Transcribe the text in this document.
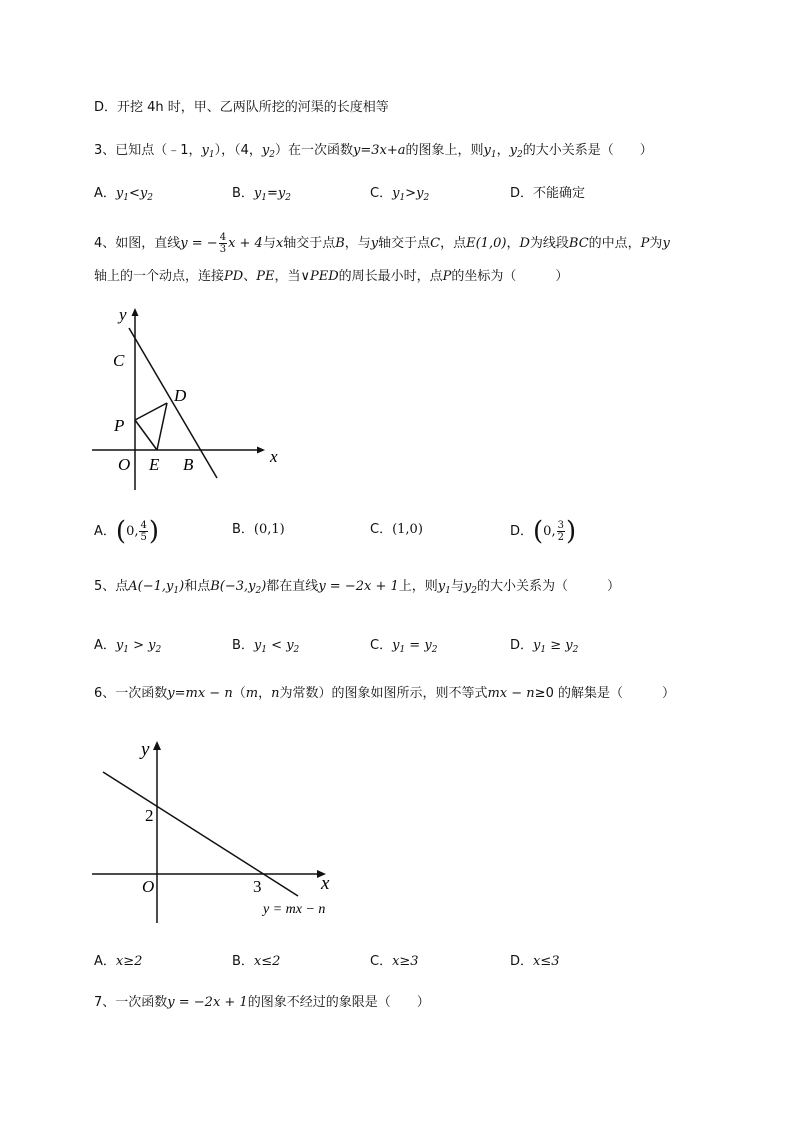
D．开挖 4h 时，甲、乙两队所挖的河渠的长度相等
3、已知点（﹣1，$y_1$），（4，$y_2$）在一次函数y=3x+a的图象上，则$y_1$，$y_2$的大小关系是（　　）
A．$y_1<y_2$	B．$y_1=y_2$	C．$y_1>y_2$	D．不能确定
4、如图，直线y = − $\frac{4}{3}$ x + 4与x轴交于点B，与y轴交于点C，点E(1,0)，D为线段BC的中点，P为y
轴上的一个动点，连接PD、PE，当∨PED的周长最小时，点P的坐标为（　　　）
y
C
D
P
O E B	x
A．(0, $\frac{4}{5}$ )	B．(0,1)	C．(1,0)	D．(0, $\frac{3}{2}$ )
5、点$A(-1,y_1)$和点$B(-3,y_2)$都在直线y = −2x + 1上，则$y_1$与$y_2$的大小关系为（　　　）
A．$y_1 > y_2$	B．$y_1 < y_2$	C．$y_1 = y_2$	D．$y_1 \ge y_2$
6、一次函数y=mx − n（m，n为常数）的图象如图所示，则不等式mx − n≥0 的解集是（　　　）
y
2
O	3	x
y = mx − n
A．x≥2	B．x≤2	C．x≥3	D．x≤3
7、一次函数y = −2x + 1的图象不经过的象限是（　　）
